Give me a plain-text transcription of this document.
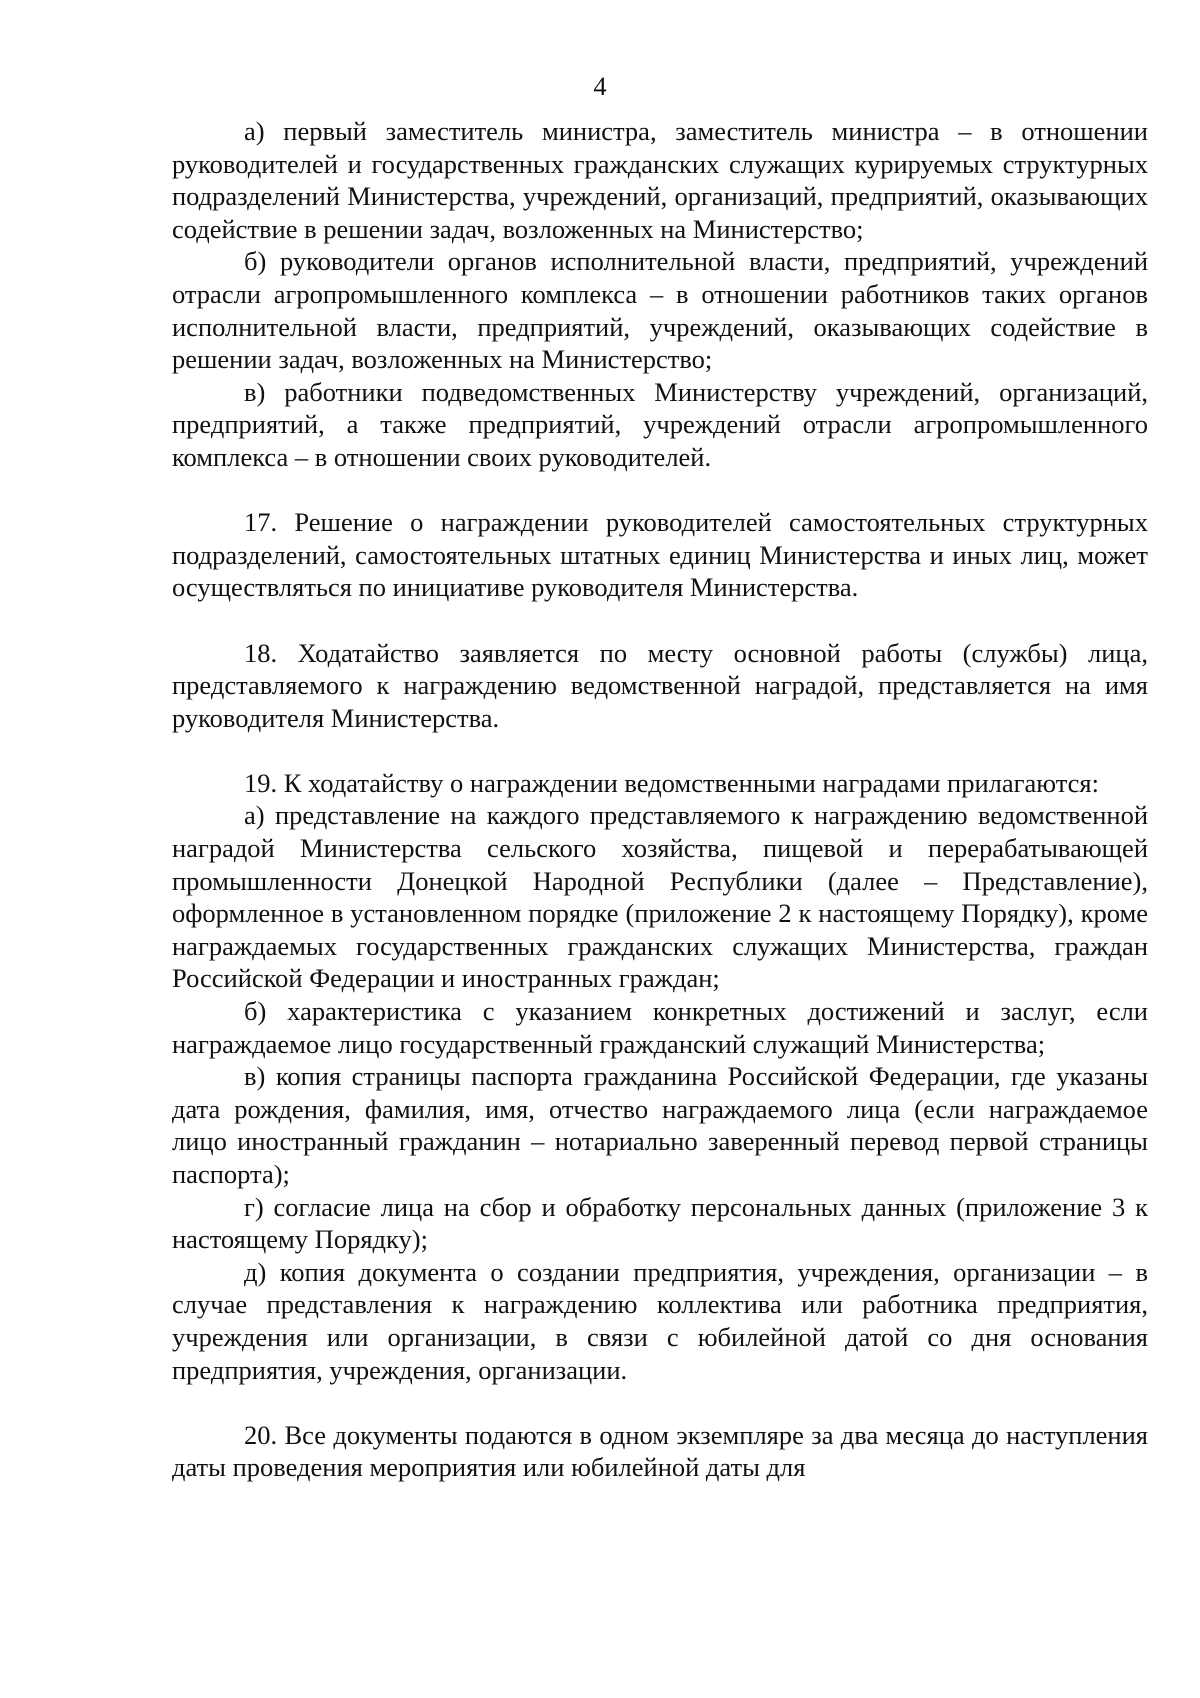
4

а) первый заместитель министра, заместитель министра – в отношении руководителей и государственных гражданских служащих курируемых структурных подразделений Министерства, учреждений, организаций, предприятий, оказывающих содействие в решении задач, возложенных на Министерство;

б) руководители органов исполнительной власти, предприятий, учреждений отрасли агропромышленного комплекса – в отношении работников таких органов исполнительной власти, предприятий, учреждений, оказывающих содействие в решении задач, возложенных на Министерство;

в) работники подведомственных Министерству учреждений, организаций, предприятий, а также предприятий, учреждений отрасли агропромышленного комплекса – в отношении своих руководителей.

17. Решение о награждении руководителей самостоятельных структурных подразделений, самостоятельных штатных единиц Министерства и иных лиц, может осуществляться по инициативе руководителя Министерства.

18. Ходатайство заявляется по месту основной работы (службы) лица, представляемого к награждению ведомственной наградой, представляется на имя руководителя Министерства.

19. К ходатайству о награждении ведомственными наградами прилагаются:

а) представление на каждого представляемого к награждению ведомственной наградой Министерства сельского хозяйства, пищевой и перерабатывающей промышленности Донецкой Народной Республики (далее – Представление), оформленное в установленном порядке (приложение 2 к настоящему Порядку), кроме награждаемых государственных гражданских служащих Министерства, граждан Российской Федерации и иностранных граждан;

б) характеристика с указанием конкретных достижений и заслуг, если награждаемое лицо государственный гражданский служащий Министерства;

в) копия страницы паспорта гражданина Российской Федерации, где указаны дата рождения, фамилия, имя, отчество награждаемого лица (если награждаемое лицо иностранный гражданин – нотариально заверенный перевод первой страницы паспорта);

г) согласие лица на сбор и обработку персональных данных (приложение 3 к настоящему Порядку);

д) копия документа о создании предприятия, учреждения, организации – в случае представления к награждению коллектива или работника предприятия, учреждения или организации, в связи с юбилейной датой со дня основания предприятия, учреждения, организации.

20. Все документы подаются в одном экземпляре за два месяца до наступления даты проведения мероприятия или юбилейной даты для
